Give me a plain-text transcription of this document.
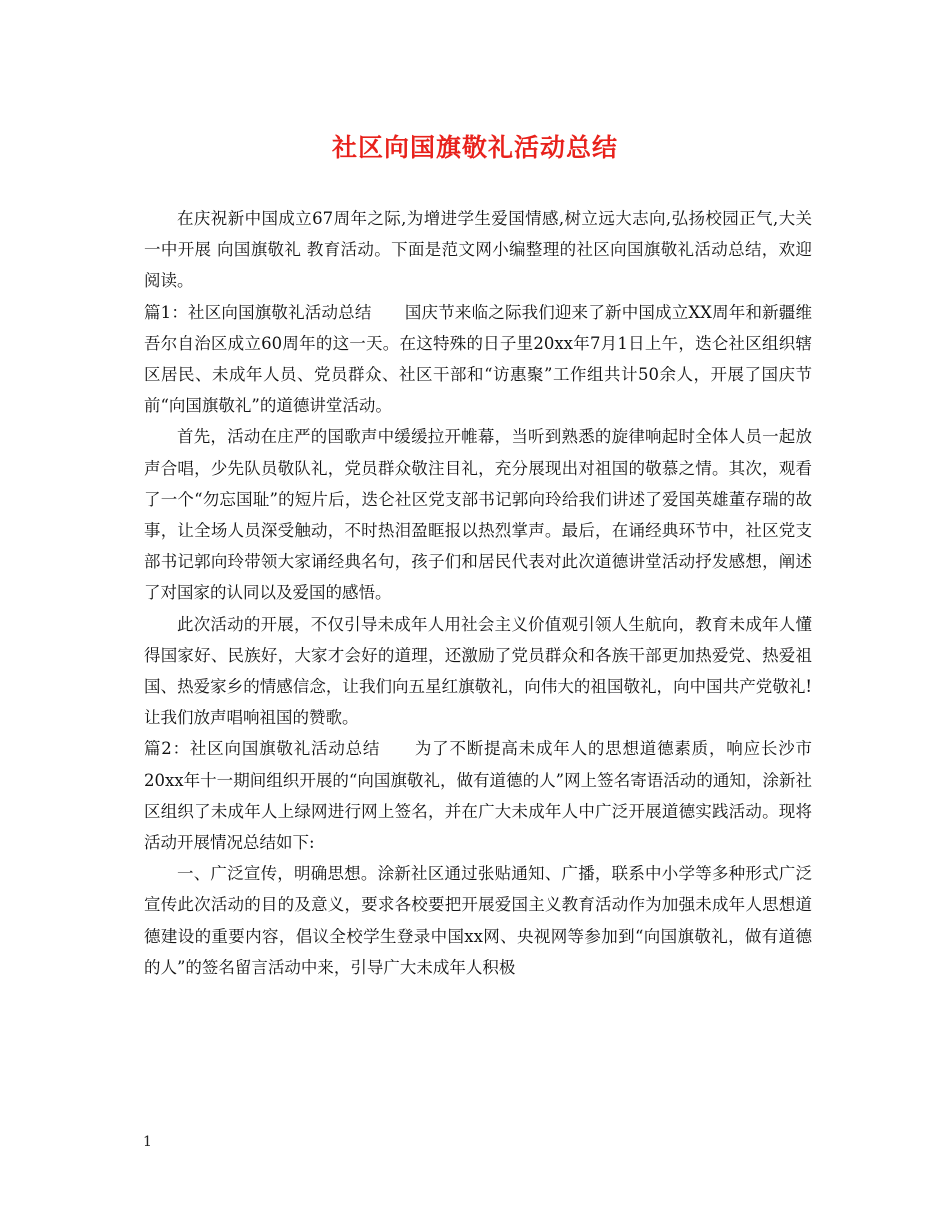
社区向国旗敬礼活动总结

在庆祝新中国成立67周年之际,为增进学生爱国情感,树立远大志向,弘扬校园正气,大关一中开展 向国旗敬礼 教育活动。下面是范文网小编整理的社区向国旗敬礼活动总结，欢迎阅读。

篇1：社区向国旗敬礼活动总结　　国庆节来临之际我们迎来了新中国成立XX周年和新疆维吾尔自治区成立60周年的这一天。在这特殊的日子里20xx年7月1日上午，迭仑社区组织辖区居民、未成年人员、党员群众、社区干部和“访惠聚”工作组共计50余人，开展了国庆节前“向国旗敬礼”的道德讲堂活动。

首先，活动在庄严的国歌声中缓缓拉开帷幕，当听到熟悉的旋律响起时全体人员一起放声合唱，少先队员敬队礼，党员群众敬注目礼，充分展现出对祖国的敬慕之情。其次，观看了一个“勿忘国耻”的短片后，迭仑社区党支部书记郭向玲给我们讲述了爱国英雄董存瑞的故事，让全场人员深受触动，不时热泪盈眶报以热烈掌声。最后，在诵经典环节中，社区党支部书记郭向玲带领大家诵经典名句，孩子们和居民代表对此次道德讲堂活动抒发感想，阐述了对国家的认同以及爱国的感悟。

此次活动的开展，不仅引导未成年人用社会主义价值观引领人生航向，教育未成年人懂得国家好、民族好，大家才会好的道理，还激励了党员群众和各族干部更加热爱党、热爱祖国、热爱家乡的情感信念，让我们向五星红旗敬礼，向伟大的祖国敬礼，向中国共产党敬礼!让我们放声唱响祖国的赞歌。

篇2：社区向国旗敬礼活动总结　　为了不断提高未成年人的思想道德素质，响应长沙市20xx年十一期间组织开展的“向国旗敬礼，做有道德的人”网上签名寄语活动的通知，涂新社区组织了未成年人上绿网进行网上签名，并在广大未成年人中广泛开展道德实践活动。现将活动开展情况总结如下:

一、广泛宣传，明确思想。涂新社区通过张贴通知、广播，联系中小学等多种形式广泛宣传此次活动的目的及意义，要求各校要把开展爱国主义教育活动作为加强未成年人思想道德建设的重要内容，倡议全校学生登录中国xx网、央视网等参加到“向国旗敬礼，做有道德的人”的签名留言活动中来，引导广大未成年人积极

1
